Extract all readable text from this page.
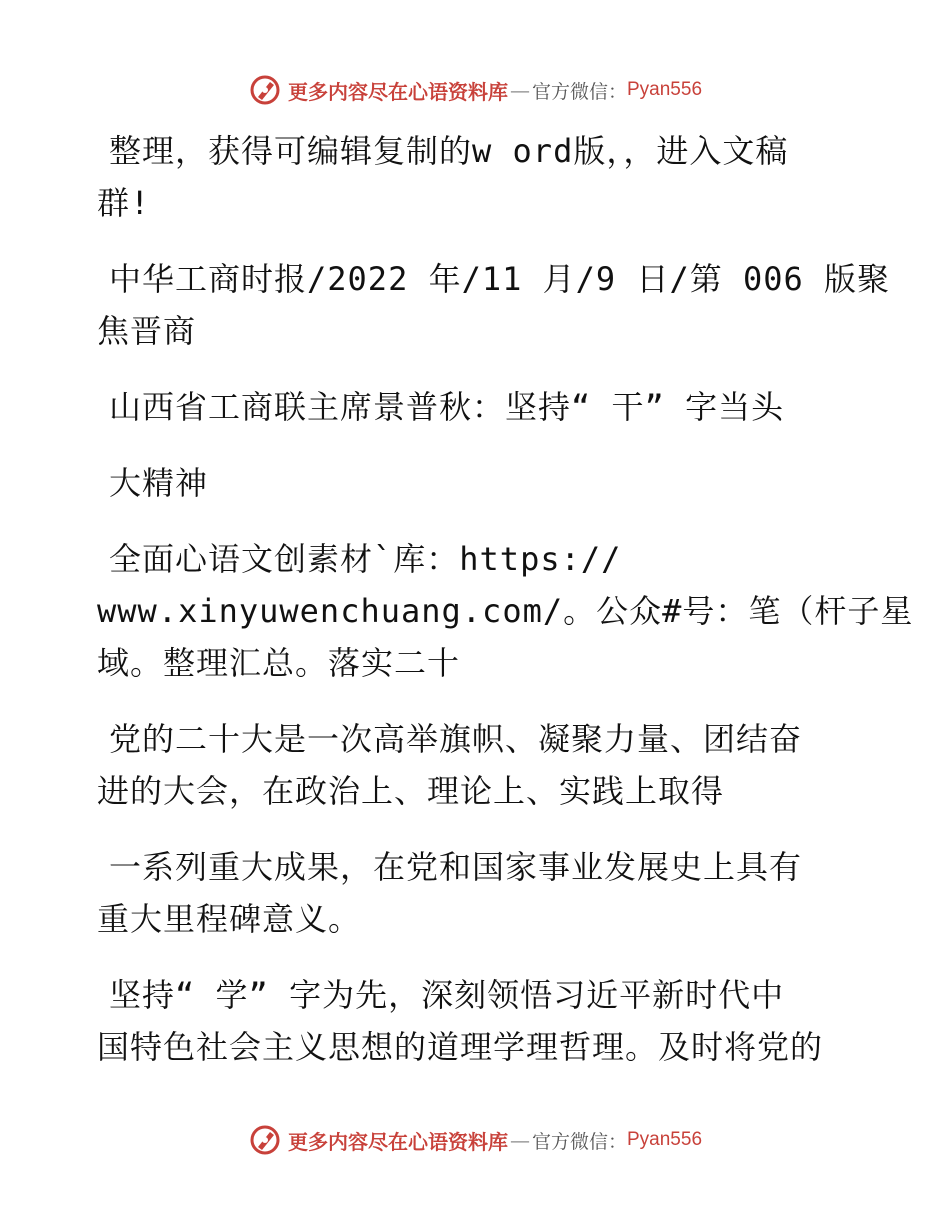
更多内容尽在心语资料库 — 官方微信： Pyan556

整理，获得可编辑复制的w ord版，，进入文稿
群!

中华工商时报/2022 年/11 月/9 日/第 006 版聚
焦晋商

山西省工商联主席景普秋：坚持“ 干” 字当头

大精神

全面心语文创素材`库：https://
www.xinyuwenchuang.com/。公众#号：笔（杆子星
域。整理汇总。落实二十

党的二十大是一次高举旗帜、凝聚力量、团结奋
进的大会，在政治上、理论上、实践上取得

一系列重大成果，在党和国家事业发展史上具有
重大里程碑意义。

坚持“ 学” 字为先，深刻领悟习近平新时代中
国特色社会主义思想的道理学理哲理。及时将党的

更多内容尽在心语资料库 — 官方微信： Pyan556
